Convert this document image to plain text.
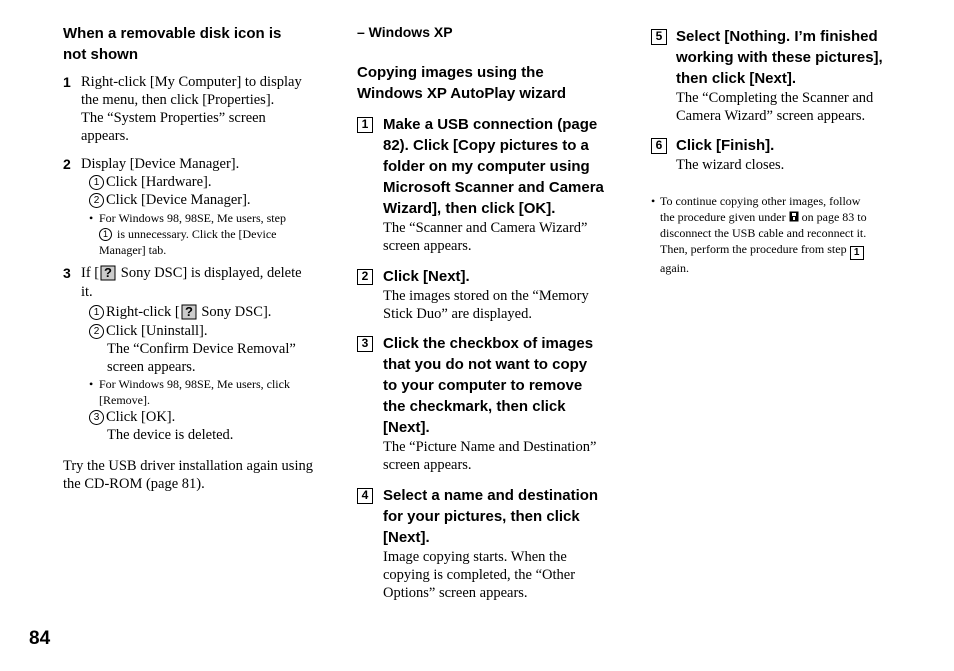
When a removable disk icon is
not shown
1 Right-click [My Computer] to display
the menu, then click [Properties].
The “System Properties” screen
appears.
2 Display [Device Manager].
1 Click [Hardware].
2 Click [Device Manager].
• For Windows 98, 98SE, Me users, step
1 is unnecessary. Click the [Device
Manager] tab.
3 If [ ? Sony DSC] is displayed, delete
it.
1 Right-click [ ? Sony DSC].
2 Click [Uninstall].
The “Confirm Device Removal”
screen appears.
• For Windows 98, 98SE, Me users, click
[Remove].
3 Click [OK].
The device is deleted.
Try the USB driver installation again using
the CD-ROM (page 81).
– Windows XP
Copying images using the
Windows XP AutoPlay wizard
1 Make a USB connection (page
82). Click [Copy pictures to a
folder on my computer using
Microsoft Scanner and Camera
Wizard], then click [OK].
The “Scanner and Camera Wizard”
screen appears.
2 Click [Next].
The images stored on the “Memory
Stick Duo” are displayed.
3 Click the checkbox of images
that you do not want to copy
to your computer to remove
the checkmark, then click
[Next].
The “Picture Name and Destination”
screen appears.
4 Select a name and destination
for your pictures, then click
[Next].
Image copying starts. When the
copying is completed, the “Other
Options” screen appears.
5 Select [Nothing. I’m finished
working with these pictures],
then click [Next].
The “Completing the Scanner and
Camera Wizard” screen appears.
6 Click [Finish].
The wizard closes.
• To continue copying other images, follow
the procedure given under  on page 83 to
disconnect the USB cable and reconnect it.
Then, perform the procedure from step 1
again.
84
